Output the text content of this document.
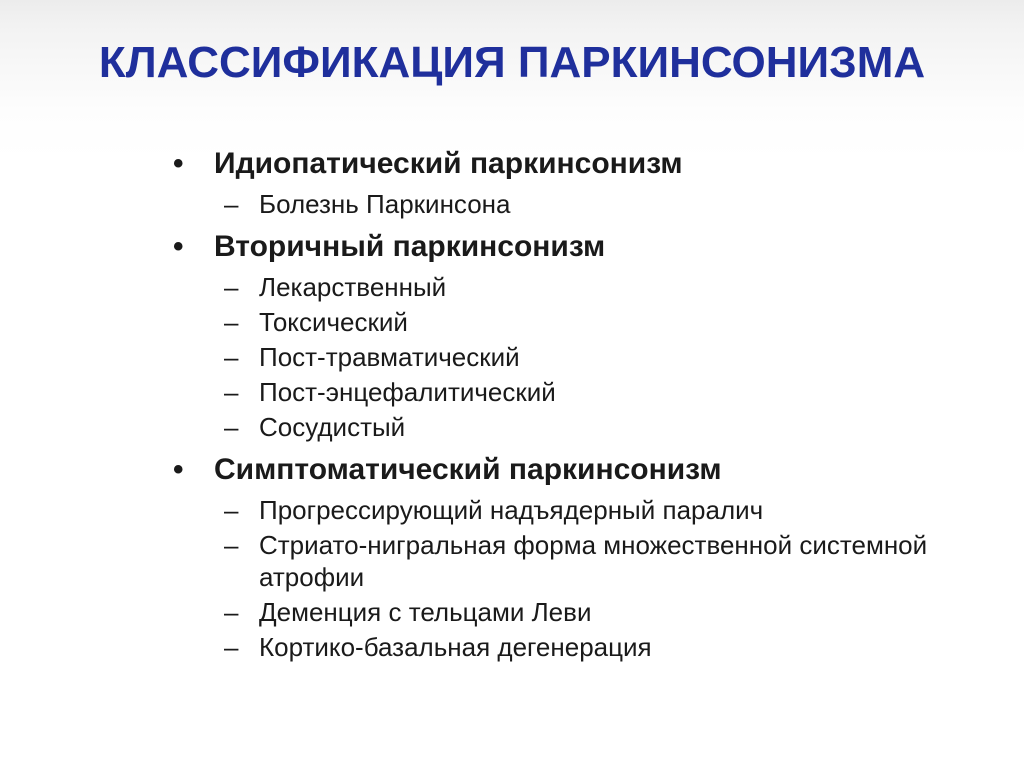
КЛАССИФИКАЦИЯ ПАРКИНСОНИЗМА
•	Идиопатический паркинсонизм
– Болезнь Паркинсона
•	Вторичный паркинсонизм
– Лекарственный
– Токсический
– Пост-травматический
– Пост-энцефалитический
– Сосудистый
•	Симптоматический паркинсонизм
– Прогрессирующий надъядерный паралич
– Стриато-нигральная форма множественной системной атрофии
– Деменция с тельцами Леви
– Кортико-базальная дегенерация
